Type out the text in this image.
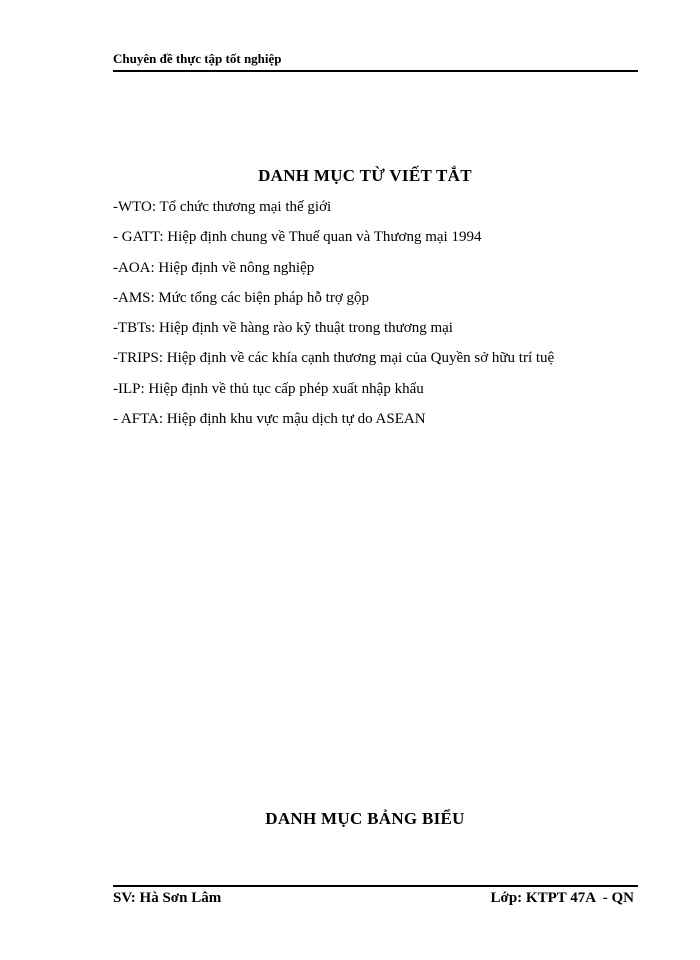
Chuyên đề thực tập tốt nghiệp
DANH MỤC TỪ VIẾT TẮT
-WTO: Tổ chức thương mại thế giới
- GATT: Hiệp định chung về Thuế quan và Thương mại 1994
-AOA: Hiệp định về nông nghiệp
-AMS: Mức tổng các biện pháp hỗ trợ gộp
-TBTs: Hiệp định về hàng rào kỹ thuật trong thương mại
-TRIPS: Hiệp định về các khía cạnh thương mại của Quyền sở hữu trí tuệ
-ILP: Hiệp định về thủ tục cấp phép xuất nhập khẩu
- AFTA: Hiệp định khu vực mậu dịch tự do ASEAN
DANH MỤC BẢNG BIỂU
SV: Hà Sơn Lâm	Lớp: KTPT 47A  - QN
